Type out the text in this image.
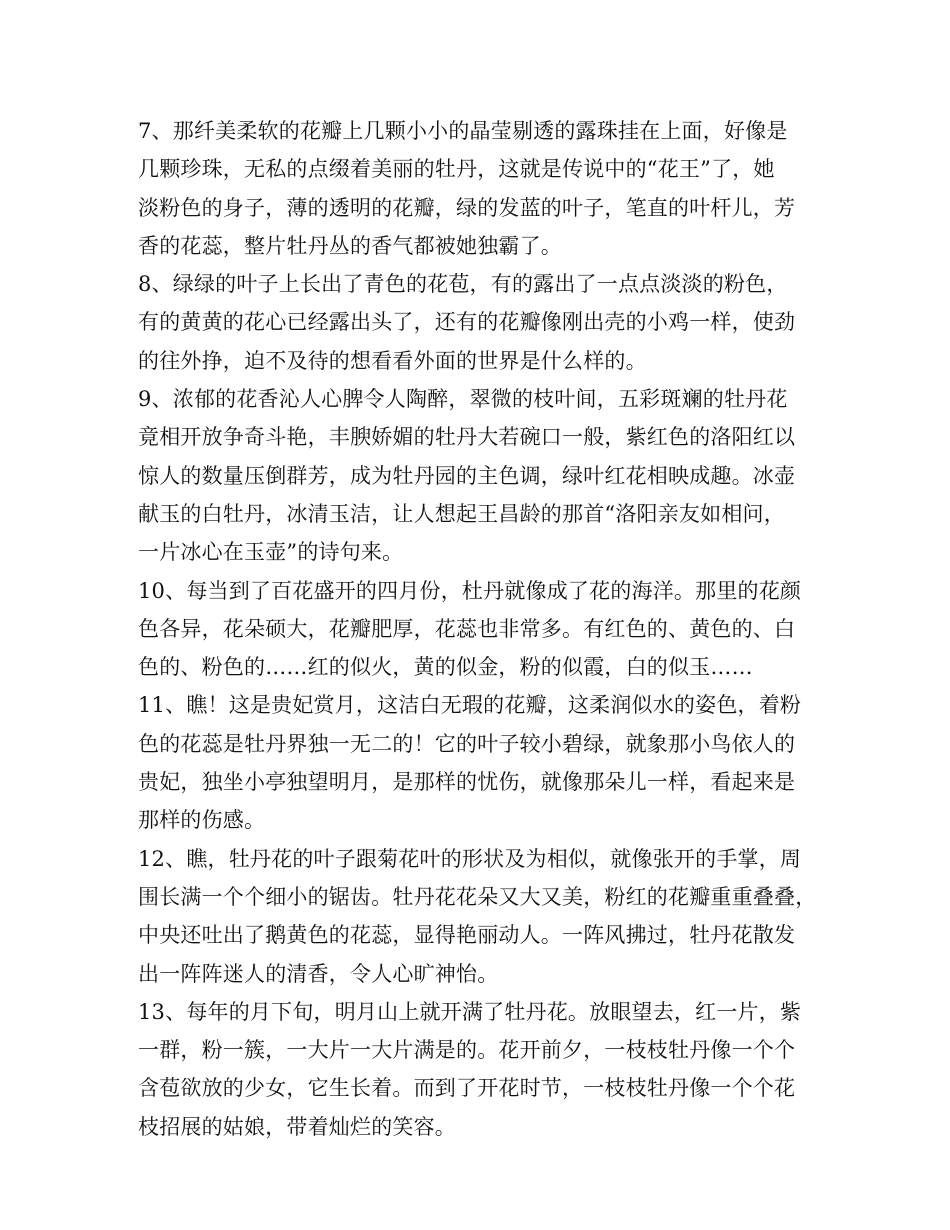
7、那纤美柔软的花瓣上几颗小小的晶莹剔透的露珠挂在上面，好像是
几颗珍珠，无私的点缀着美丽的牡丹，这就是传说中的“花王”了，她
淡粉色的身子，薄的透明的花瓣，绿的发蓝的叶子，笔直的叶杆儿，芳
香的花蕊，整片牡丹丛的香气都被她独霸了。

8、绿绿的叶子上长出了青色的花苞，有的露出了一点点淡淡的粉色，
有的黄黄的花心已经露出头了，还有的花瓣像刚出壳的小鸡一样，使劲
的往外挣，迫不及待的想看看外面的世界是什么样的。

9、浓郁的花香沁人心脾令人陶醉，翠微的枝叶间，五彩斑斓的牡丹花
竟相开放争奇斗艳，丰腴娇媚的牡丹大若碗口一般，紫红色的洛阳红以
惊人的数量压倒群芳，成为牡丹园的主色调，绿叶红花相映成趣。冰壶
献玉的白牡丹，冰清玉洁，让人想起王昌龄的那首“洛阳亲友如相问，
一片冰心在玉壶”的诗句来。

10、每当到了百花盛开的四月份，杜丹就像成了花的海洋。那里的花颜
色各异，花朵硕大，花瓣肥厚，花蕊也非常多。有红色的、黄色的、白
色的、粉色的……红的似火，黄的似金，粉的似霞，白的似玉……

11、瞧！这是贵妃赏月，这洁白无瑕的花瓣，这柔润似水的姿色，着粉
色的花蕊是牡丹界独一无二的！它的叶子较小碧绿，就象那小鸟依人的
贵妃，独坐小亭独望明月，是那样的忧伤，就像那朵儿一样，看起来是
那样的伤感。

12、瞧，牡丹花的叶子跟菊花叶的形状及为相似，就像张开的手掌，周
围长满一个个细小的锯齿。牡丹花花朵又大又美，粉红的花瓣重重叠叠，
中央还吐出了鹅黄色的花蕊，显得艳丽动人。一阵风拂过，牡丹花散发
出一阵阵迷人的清香，令人心旷神怡。

13、每年的月下旬，明月山上就开满了牡丹花。放眼望去，红一片，紫
一群，粉一簇，一大片一大片满是的。花开前夕，一枝枝牡丹像一个个
含苞欲放的少女，它生长着。而到了开花时节，一枝枝牡丹像一个个花
枝招展的姑娘，带着灿烂的笑容。
